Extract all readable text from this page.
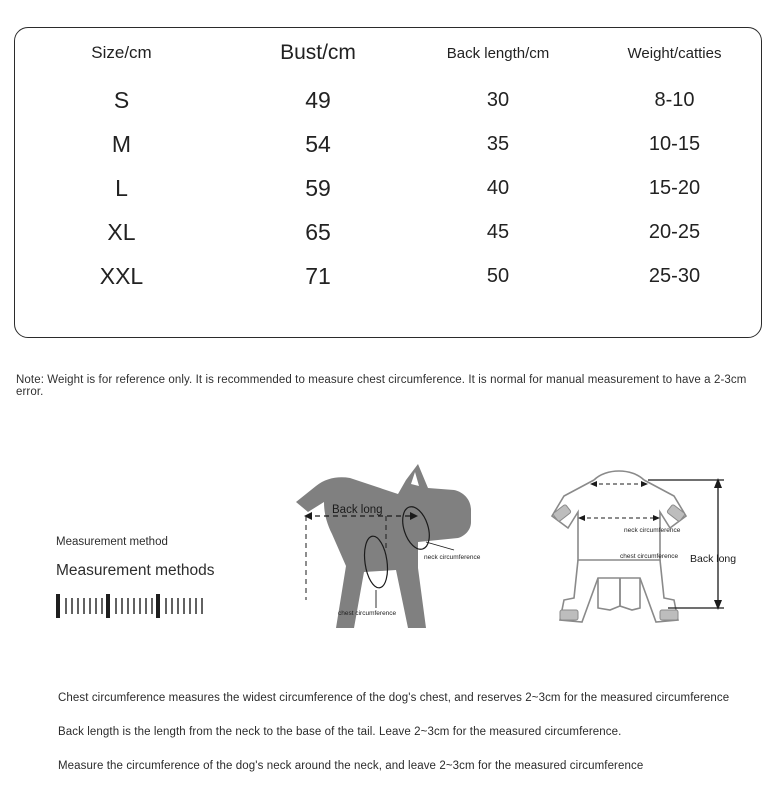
Size/cm	Bust/cm	Back length/cm	Weight/catties
S	49	30	8-10
M	54	35	10-15
L	59	40	15-20
XL	65	45	20-25
XXL	71	50	25-30
Note: Weight is for reference only. It is recommended to measure chest circumference. It is normal for manual measurement to have a 2-3cm error.
Measurement method
Measurement methods
Back long
neck circumference
chest circumference
neck circumference
chest circumference Back long
Chest circumference measures the widest circumference of the dog's chest, and reserves 2~3cm for the measured circumference
Back length is the length from the neck to the base of the tail. Leave 2~3cm for the measured circumference.
Measure the circumference of the dog's neck around the neck, and leave 2~3cm for the measured circumference
